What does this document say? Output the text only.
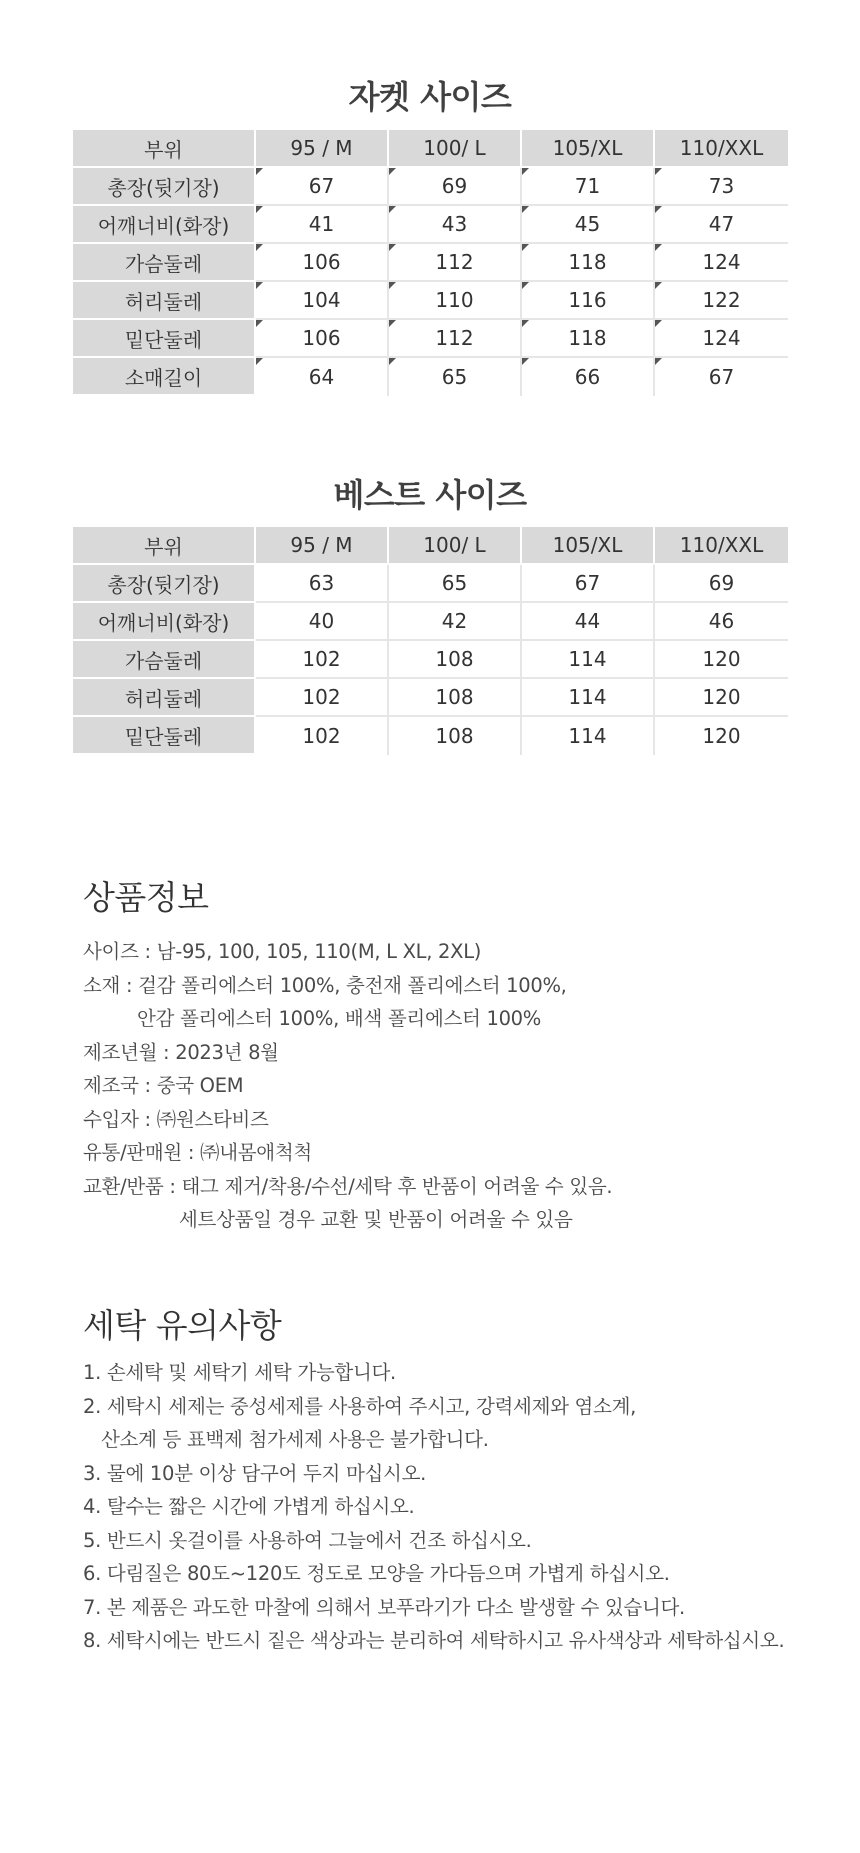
자켓 사이즈
부위	95 / M	100/ L	105/XL	110/XXL
총장(뒷기장)	67	69	71	73
어깨너비(화장)	41	43	45	47
가슴둘레	106	112	118	124
허리둘레	104	110	116	122
밑단둘레	106	112	118	124
소매길이	64	65	66	67
베스트 사이즈
부위	95 / M	100/ L	105/XL	110/XXL
총장(뒷기장)	63	65	67	69
어깨너비(화장)	40	42	44	46
가슴둘레	102	108	114	120
허리둘레	102	108	114	120
밑단둘레	102	108	114	120
상품정보
사이즈 : 남-95, 100, 105, 110(M, L XL, 2XL)
소재 : 겉감 폴리에스터 100%, 충전재 폴리에스터 100%,
안감 폴리에스터 100%, 배색 폴리에스터 100%
제조년월 : 2023년 8월
제조국 : 중국 OEM
수입자 : ㈜원스타비즈
유통/판매원 : ㈜내몸애척척
교환/반품 : 태그 제거/착용/수선/세탁 후 반품이 어려울 수 있음.
세트상품일 경우 교환 및 반품이 어려울 수 있음
세탁 유의사항
1. 손세탁 및 세탁기 세탁 가능합니다.
2. 세탁시 세제는 중성세제를 사용하여 주시고, 강력세제와 염소계,
산소계 등 표백제 첨가세제 사용은 불가합니다.
3. 물에 10분 이상 담구어 두지 마십시오.
4. 탈수는 짧은 시간에 가볍게 하십시오.
5. 반드시 옷걸이를 사용하여 그늘에서 건조 하십시오.
6. 다림질은 80도~120도 정도로 모양을 가다듬으며 가볍게 하십시오.
7. 본 제품은 과도한 마찰에 의해서 보푸라기가 다소 발생할 수 있습니다.
8. 세탁시에는 반드시 짙은 색상과는 분리하여 세탁하시고 유사색상과 세탁하십시오.
